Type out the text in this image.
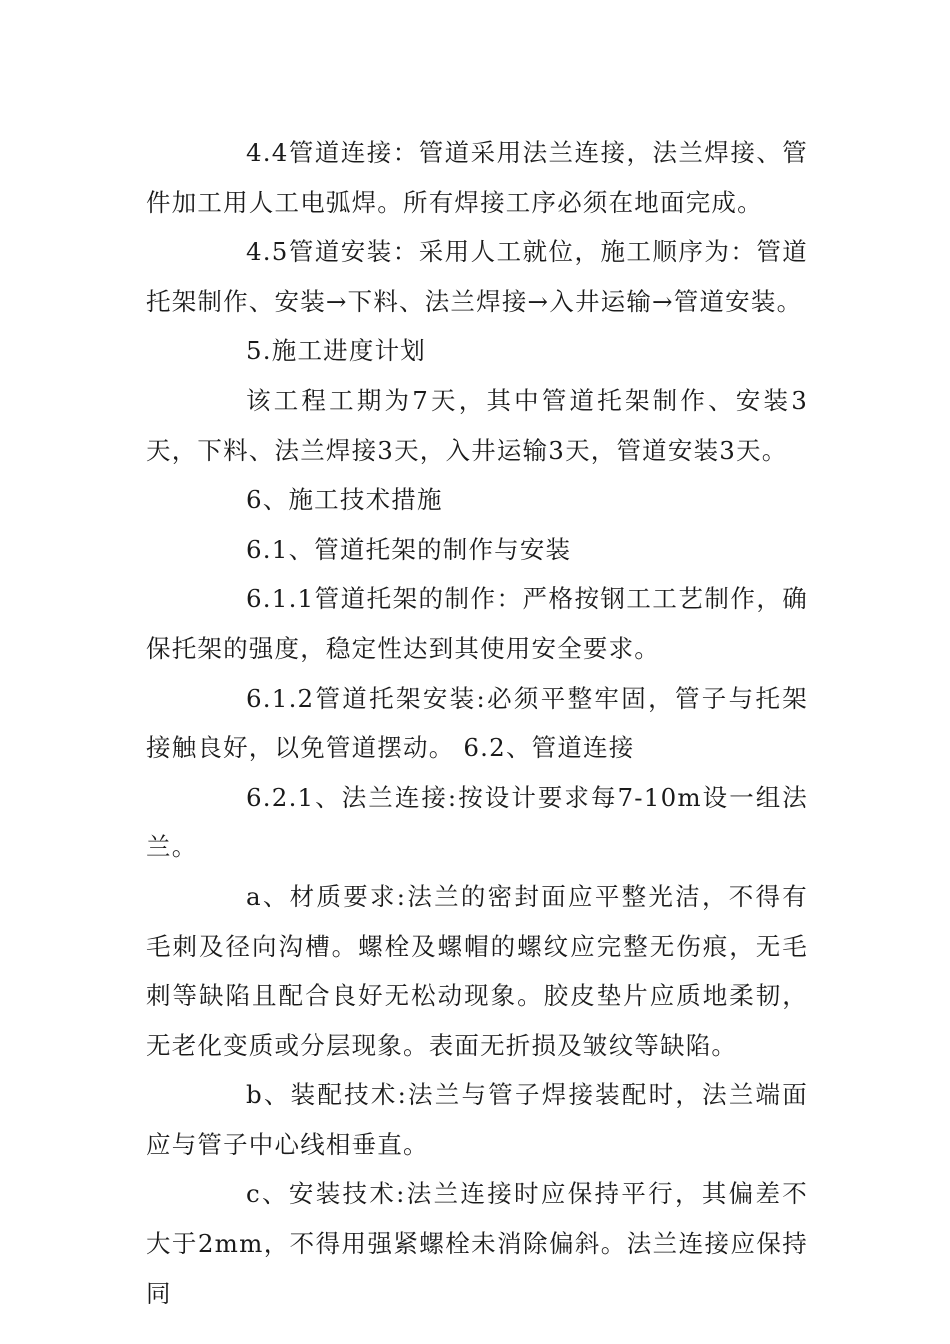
4.4管道连接：管道采用法兰连接，法兰焊接、管件加工用人工电弧焊。所有焊接工序必须在地面完成。

4.5管道安装：采用人工就位，施工顺序为：管道托架制作、安装→下料、法兰焊接→入井运输→管道安装。

5.施工进度计划

该工程工期为7天，其中管道托架制作、安装3天，下料、法兰焊接3天，入井运输3天，管道安装3天。

6、施工技术措施

6.1、管道托架的制作与安装

6.1.1管道托架的制作：严格按钢工工艺制作，确保托架的强度，稳定性达到其使用安全要求。

6.1.2管道托架安装:必须平整牢固，管子与托架接触良好，以免管道摆动。 6.2、管道连接

6.2.1、法兰连接:按设计要求每7-10m设一组法兰。

a、材质要求:法兰的密封面应平整光洁，不得有毛刺及径向沟槽。螺栓及螺帽的螺纹应完整无伤痕，无毛刺等缺陷且配合良好无松动现象。胶皮垫片应质地柔韧，无老化变质或分层现象。表面无折损及皱纹等缺陷。

b、装配技术:法兰与管子焊接装配时，法兰端面应与管子中心线相垂直。

c、安装技术:法兰连接时应保持平行，其偏差不大于2mm，不得用强紧螺栓未消除偏斜。法兰连接应保持同
